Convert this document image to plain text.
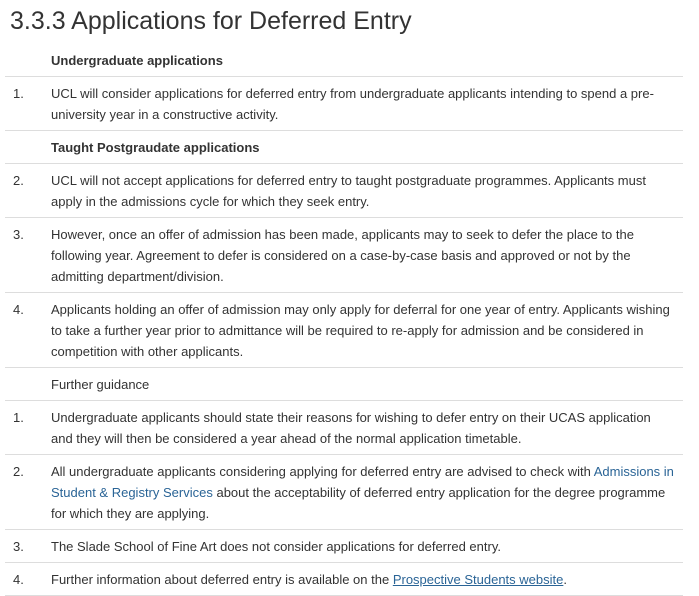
3.3.3 Applications for Deferred Entry
	Undergraduate applications
1.	UCL will consider applications for deferred entry from undergraduate applicants intending to spend a pre-university year in a constructive activity.
	Taught Postgraudate applications
2.	UCL will not accept applications for deferred entry to taught postgraduate programmes. Applicants must apply in the admissions cycle for which they seek entry.
3.	However, once an offer of admission has been made, applicants may to seek to defer the place to the following year. Agreement to defer is considered on a case-by-case basis and approved or not by the admitting department/division.
4.	Applicants holding an offer of admission may only apply for deferral for one year of entry. Applicants wishing to take a further year prior to admittance will be required to re-apply for admission and be considered in competition with other applicants.
	Further guidance
1.	Undergraduate applicants should state their reasons for wishing to defer entry on their UCAS application and they will then be considered a year ahead of the normal application timetable.
2.	All undergraduate applicants considering applying for deferred entry are advised to check with Admissions in Student & Registry Services about the acceptability of deferred entry application for the degree programme for which they are applying.
3.	The Slade School of Fine Art does not consider applications for deferred entry.
4.	Further information about deferred entry is available on the Prospective Students website.
